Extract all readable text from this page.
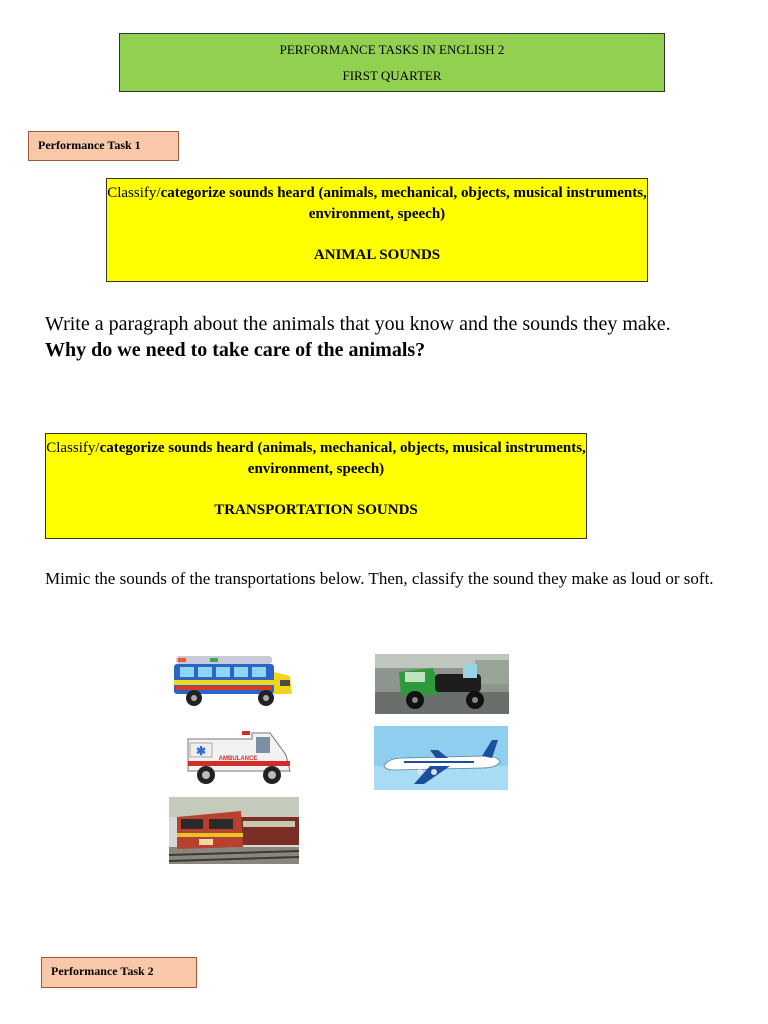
PERFORMANCE TASKS IN ENGLISH 2
FIRST QUARTER
Performance Task 1
Classify/categorize sounds heard (animals, mechanical, objects, musical instruments, environment, speech)
ANIMAL SOUNDS
Write a paragraph about the animals that you know and the sounds they make.
Why do we need to take care of the animals?
Classify/categorize sounds heard (animals, mechanical, objects, musical instruments, environment, speech)
TRANSPORTATION SOUNDS
Mimic the sounds of the transportations below. Then, classify the sound they make as loud or soft.
✱
AMBULANCE
Performance Task 2
